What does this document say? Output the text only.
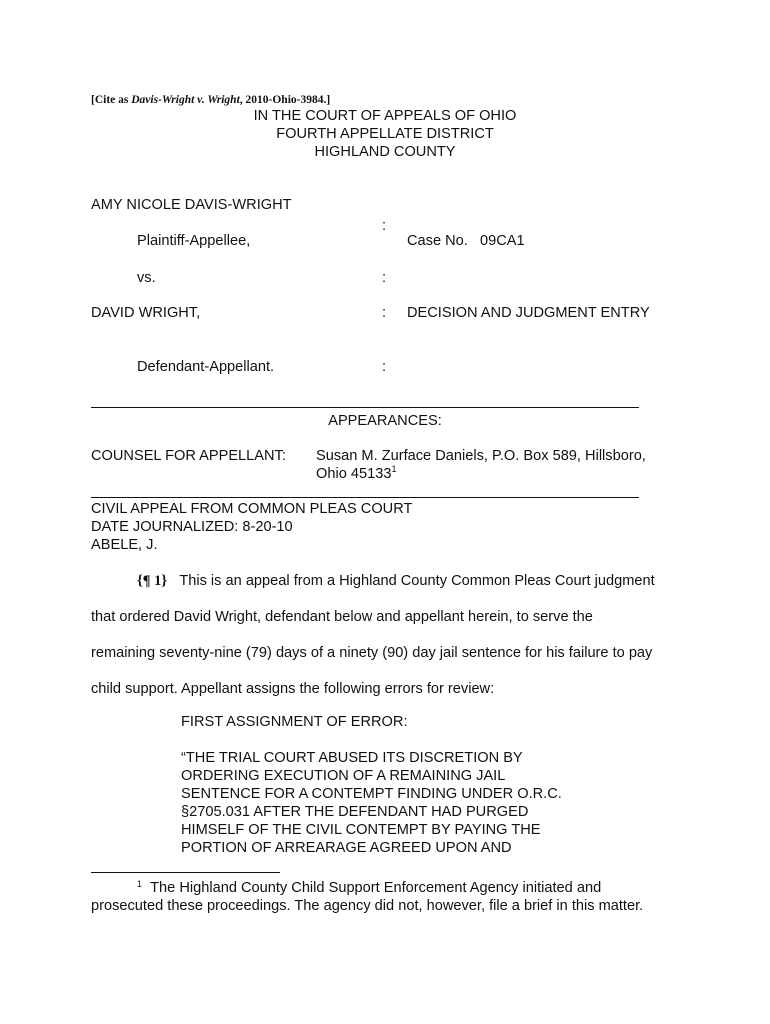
[Cite as Davis-Wright v. Wright, 2010-Ohio-3984.]
IN THE COURT OF APPEALS OF OHIO
FOURTH APPELLATE DISTRICT
HIGHLAND COUNTY
AMY NICOLE DAVIS-WRIGHT
:
Plaintiff-Appellee,	Case No. 09CA1
vs.	:
DAVID WRIGHT,	: DECISION AND JUDGMENT ENTRY
Defendant-Appellant.	:
APPEARANCES:
COUNSEL FOR APPELLANT: Susan M. Zurface Daniels, P.O. Box 589, Hillsboro,
Ohio 45133$^1$
CIVIL APPEAL FROM COMMON PLEAS COURT
DATE JOURNALIZED: 8-20-10
ABELE, J.
{¶ 1} This is an appeal from a Highland County Common Pleas Court judgment
that ordered David Wright, defendant below and appellant herein, to serve the
remaining seventy-nine (79) days of a ninety (90) day jail sentence for his failure to pay
child support. Appellant assigns the following errors for review:
FIRST ASSIGNMENT OF ERROR:
“THE TRIAL COURT ABUSED ITS DISCRETION BY
ORDERING EXECUTION OF A REMAINING JAIL
SENTENCE FOR A CONTEMPT FINDING UNDER O.R.C.
§2705.031 AFTER THE DEFENDANT HAD PURGED
HIMSELF OF THE CIVIL CONTEMPT BY PAYING THE
PORTION OF ARREARAGE AGREED UPON AND
$^1$ The Highland County Child Support Enforcement Agency initiated and
prosecuted these proceedings. The agency did not, however, file a brief in this matter.
